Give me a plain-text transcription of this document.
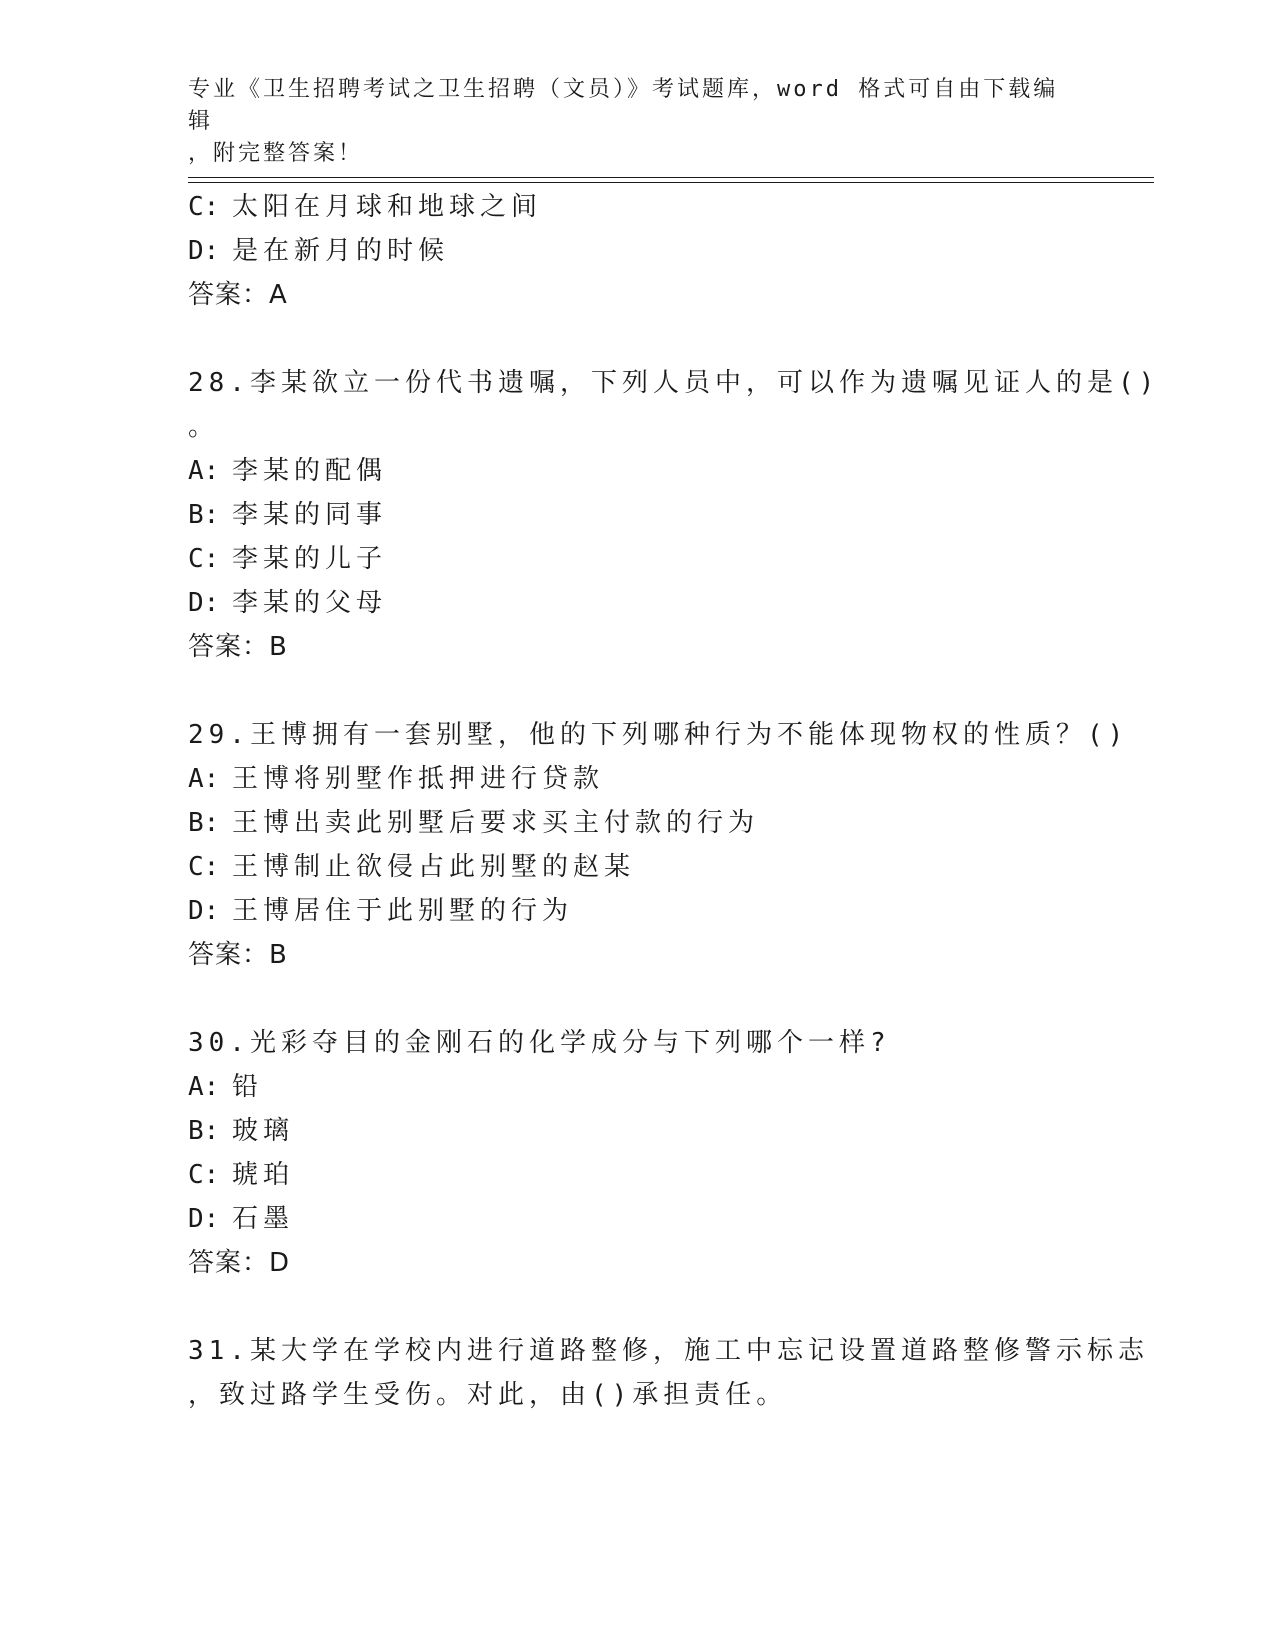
专业《卫生招聘考试之卫生招聘（文员）》考试题库，word 格式可自由下载编辑
，附完整答案！
C: 太阳在月球和地球之间
D: 是在新月的时候
答案：A
28.李某欲立一份代书遗嘱，下列人员中，可以作为遗嘱见证人的是()
。
A: 李某的配偶
B: 李某的同事
C: 李某的儿子
D: 李某的父母
答案：B
29.王博拥有一套别墅，他的下列哪种行为不能体现物权的性质？()
A: 王博将别墅作抵押进行贷款
B: 王博出卖此别墅后要求买主付款的行为
C: 王博制止欲侵占此别墅的赵某
D: 王博居住于此别墅的行为
答案：B
30.光彩夺目的金刚石的化学成分与下列哪个一样?
A: 铅
B: 玻璃
C: 琥珀
D: 石墨
答案：D
31.某大学在学校内进行道路整修，施工中忘记设置道路整修警示标志
，致过路学生受伤。对此，由()承担责任。
